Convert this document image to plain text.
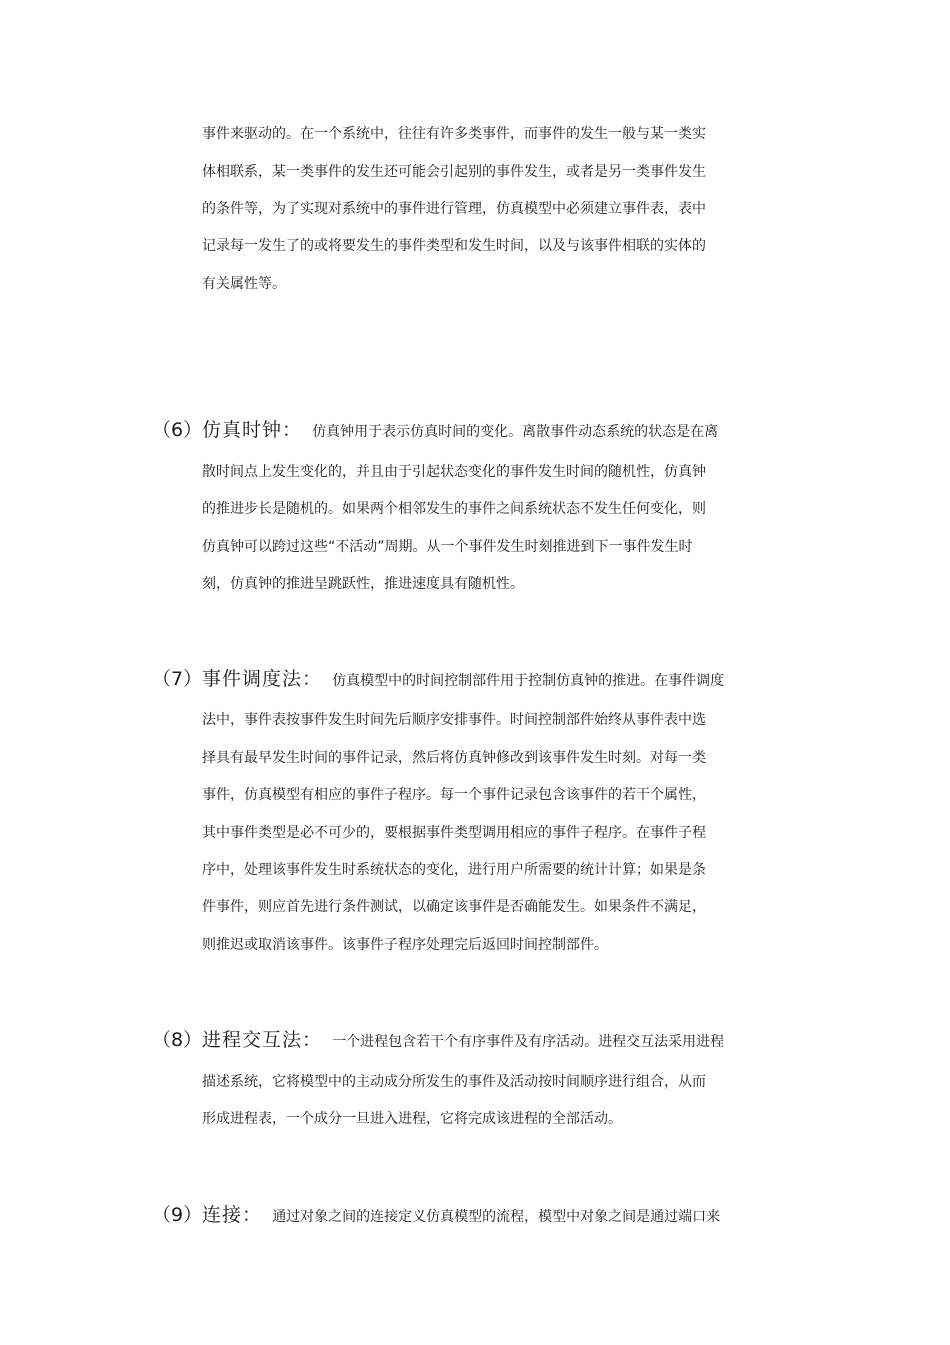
事件来驱动的。在一个系统中，往往有许多类事件，而事件的发生一般与某一类实
体相联系，某一类事件的发生还可能会引起别的事件发生，或者是另一类事件发生
的条件等，为了实现对系统中的事件进行管理，仿真模型中必须建立事件表，表中
记录每一发生了的或将要发生的事件类型和发生时间，以及与该事件相联的实体的
有关属性等。
（6）仿真时钟： 仿真钟用于表示仿真时间的变化。离散事件动态系统的状态是在离
散时间点上发生变化的，并且由于引起状态变化的事件发生时间的随机性，仿真钟
的推进步长是随机的。如果两个相邻发生的事件之间系统状态不发生任何变化，则
仿真钟可以跨过这些“不活动”周期。从一个事件发生时刻推进到下一事件发生时
刻，仿真钟的推进呈跳跃性，推进速度具有随机性。
（7）事件调度法： 仿真模型中的时间控制部件用于控制仿真钟的推进。在事件调度
法中，事件表按事件发生时间先后顺序安排事件。时间控制部件始终从事件表中选
择具有最早发生时间的事件记录，然后将仿真钟修改到该事件发生时刻。对每一类
事件，仿真模型有相应的事件子程序。每一个事件记录包含该事件的若干个属性，
其中事件类型是必不可少的，要根据事件类型调用相应的事件子程序。在事件子程
序中，处理该事件发生时系统状态的变化，进行用户所需要的统计计算；如果是条
件事件，则应首先进行条件测试，以确定该事件是否确能发生。如果条件不满足，
则推迟或取消该事件。该事件子程序处理完后返回时间控制部件。
（8）进程交互法： 一个进程包含若干个有序事件及有序活动。进程交互法采用进程
描述系统，它将模型中的主动成分所发生的事件及活动按时间顺序进行组合，从而
形成进程表，一个成分一旦进入进程，它将完成该进程的全部活动。
（9）连接： 通过对象之间的连接定义仿真模型的流程，模型中对象之间是通过端口来
